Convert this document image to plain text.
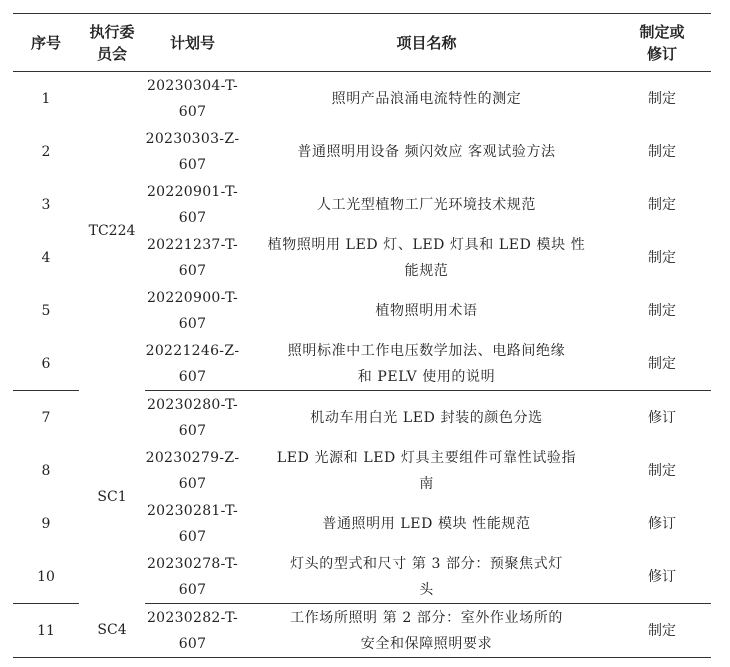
序号	执行委
员会	计划号	项目名称	制定或
修订
1	TC224	20230304-T-
607	照明产品浪涌电流特性的测定	制定
2		20230303-Z-
607	普通照明用设备 频闪效应 客观试验方法	制定
3		20220901-T-
607	人工光型植物工厂光环境技术规范	制定
4		20221237-T-
607	植物照明用 LED 灯、LED 灯具和 LED 模块 性
能规范	制定
5		20220900-T-
607	植物照明用术语	制定
6		20221246-Z-
607	照明标准中工作电压数学加法、电路间绝缘
和 PELV 使用的说明	制定
7	SC1	20230280-T-
607	机动车用白光 LED 封装的颜色分选	修订
8		20230279-Z-
607	LED 光源和 LED 灯具主要组件可靠性试验指
南	制定
9		20230281-T-
607	普通照明用 LED 模块 性能规范	修订
10		20230278-T-
607	灯头的型式和尺寸 第 3 部分：预聚焦式灯
头	修订
11	SC4	20230282-T-
607	工作场所照明 第 2 部分：室外作业场所的
安全和保障照明要求	制定
